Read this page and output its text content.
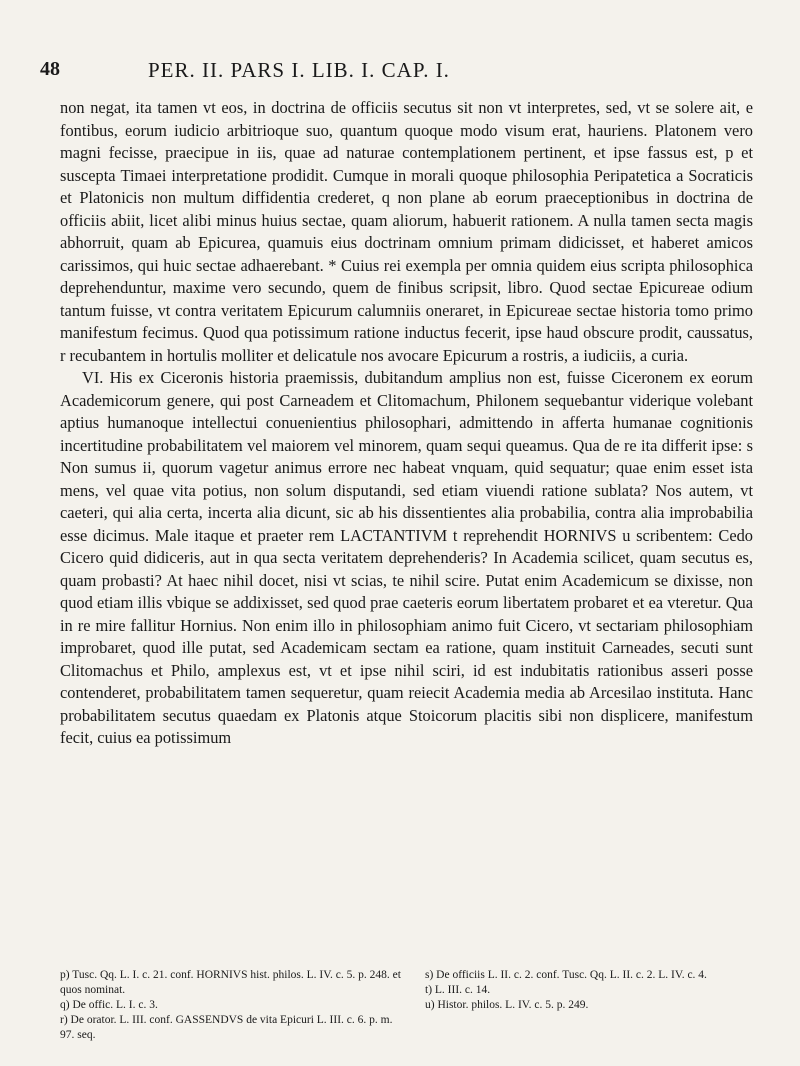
48	PER. II. PARS I. LIB. I. CAP. I.

non negat, ita tamen vt eos, in doctrina de officiis secutus sit non vt interpretes, sed, vt se solere ait, e fontibus, eorum iudicio arbitrioque suo, quantum quoque modo visum erat, hauriens. Platonem vero magni fecisse, praecipue in iis, quae ad naturae contemplationem pertinent, et ipse fassus est, p et susceptа Timaei interpretatione prodidit. Cumque in morali quoque philosophia Peripatetica a Socraticis et Platonicis non multum diffidentia crederet, q non plane ab eorum praeceptionibus in doctrina de officiis abiit, licet alibi minus huius sectae, quam aliorum, habuerit rationem. A nulla tamen secta magis abhorruit, quam ab Epicurea, quamuis eius doctrinam omnium primam didicisset, et haberet amicos carissimos, qui huic sectae adhaerebant. * Cuius rei exempla per omnia quidem eius scripta philosophica deprehenduntur, maxime vero secundo, quem de finibus scripsit, libro. Quod sectae Epicureae odium tantum fuisse, vt contra veritatem Epicurum calumniis oneraret, in Epicureae sectae historia tomo primo manifestum fecimus. Quod qua potissimum ratione inductus fecerit, ipse haud obscure prodit, caussatus, r recubantem in hortulis molliter et delicatule nos avocare Epicurum a rostris, a iudiciis, a curia.

VI. His ex Ciceronis historia praemissis, dubitandum amplius non est, fuisse Ciceronem ex eorum Academicorum genere, qui post Carneadem et Clitomachum, Philonem sequebantur viderique volebant aptius humanoque intellectui conuenientius philosophari, admittendo in afferta humanae cognitionis incertitudine probabilitatem vel maiorem vel minorem, quam sequi queamus. Qua de re ita differit ipse: s Non sumus ii, quorum vagetur animus errore nec habeat vnquam, quid sequatur; quae enim esset ista mens, vel quae vita potius, non solum disputandi, sed etiam viuendi ratione sublata? Nos autem, vt caeteri, qui alia certa, incerta alia dicunt, sic ab his dissentientes alia probabilia, contra alia improbabilia esse dicimus. Male itaque et praeter rem LACTANTIVM t reprehendit HORNIVS u scribentem: Cedo Cicero quid didiceris, aut in qua sectа veritatem deprehenderis? In Academia scilicet, quam secutus es, quam probasti? At haec nihil docet, nisi vt scias, te nihil scire. Putat enim Academicum se dixisse, non quod etiam illis vbique se addixisset, sed quod prae caeteris eorum libertatem probaret et ea vteretur. Qua in re mire fallitur Hornius. Non enim illo in philosophiam animo fuit Cicero, vt sectariam philosophiam improbaret, quod ille putat, sed Academicam sectam ea ratione, quam instituit Carneades, secuti sunt Clitomachus et Philo, amplexus est, vt et ipse nihil sciri, id est indubitatis rationibus asseri posse contenderet, probabilitatem tamen sequeretur, quam reiecit Academia media ab Arcesilao instituta. Hanc probabilitatem secutus quaedam ex Platonis atque Stoicorum placitis sibi non displicere, manifestum fecit, cuius ea potissimum

p) Tusc. Qq. L. I. c. 21. conf. HORNIVS hist. philos. L. IV. c. 5. p. 248. et quos nominat.

q) De offic. L. I. c. 3.

r) De orator. L. III. conf. GASSENDVS de vita Epicuri L. III. c. 6. p. m. 97. seq.

s) De officiis L. II. c. 2. conf. Tusc. Qq. L. II. c. 2. L. IV. c. 4.

t) L. III. c. 14.

u) Histor. philos. L. IV. c. 5. p. 249.
